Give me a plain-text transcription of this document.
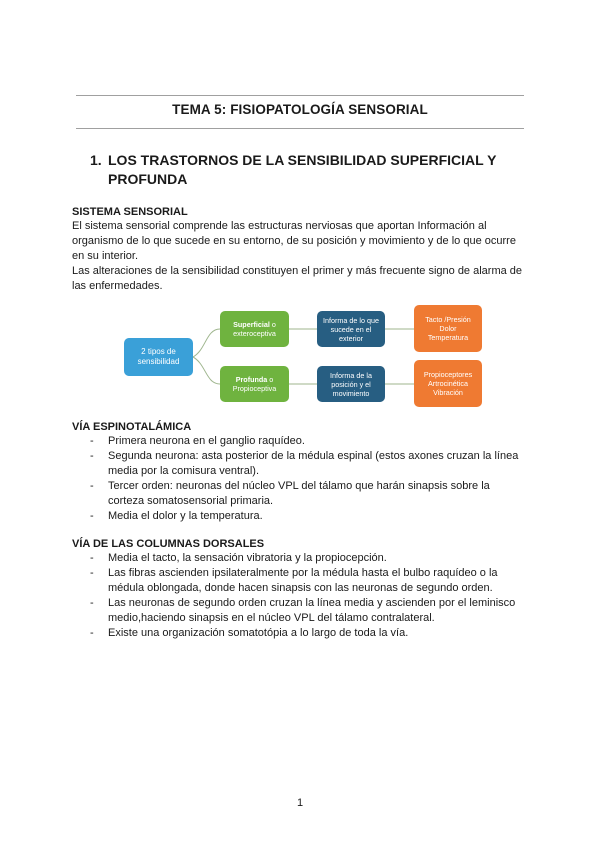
TEMA 5: FISIOPATOLOGÍA SENSORIAL
1. LOS TRASTORNOS DE LA SENSIBILIDAD SUPERFICIAL Y PROFUNDA
SISTEMA SENSORIAL

El sistema sensorial comprende las estructuras nerviosas que aportan Información al organismo de lo que sucede en su entorno, de su posición y movimiento y de lo que ocurre en su interior.

Las alteraciones de la sensibilidad constituyen el primer y más frecuente signo de alarma de las enfermedades.

2 tipos de sensibilidad
Superficial o exteroceptiva
Profunda o Propioceptiva
Informa de lo que sucede en el exterior
Informa de la posición y el movimiento
Tacto /Presión
Dolor
Temperatura
Propioceptores
Artrocinética
Vibración
VÍA ESPINOTALÁMICA
- Primera neurona en el ganglio raquídeo.
- Segunda neurona: asta posterior de la médula espinal (estos axones cruzan la línea media por la comisura ventral).
- Tercer orden: neuronas del núcleo VPL del tálamo que harán sinapsis sobre la corteza somatosensorial primaria.
- Media el dolor y la temperatura.
VÍA DE LAS COLUMNAS DORSALES
- Media el tacto, la sensación vibratoria y la propiocepción.
- Las fibras ascienden ipsilateralmente por la médula hasta el bulbo raquídeo o la médula oblongada, donde hacen sinapsis con las neuronas de segundo orden.
- Las neuronas de segundo orden cruzan la línea media y ascienden por el leminisco medio,haciendo sinapsis en el núcleo VPL del tálamo contralateral.
- Existe una organización somatotópia a lo largo de toda la vía.
1
